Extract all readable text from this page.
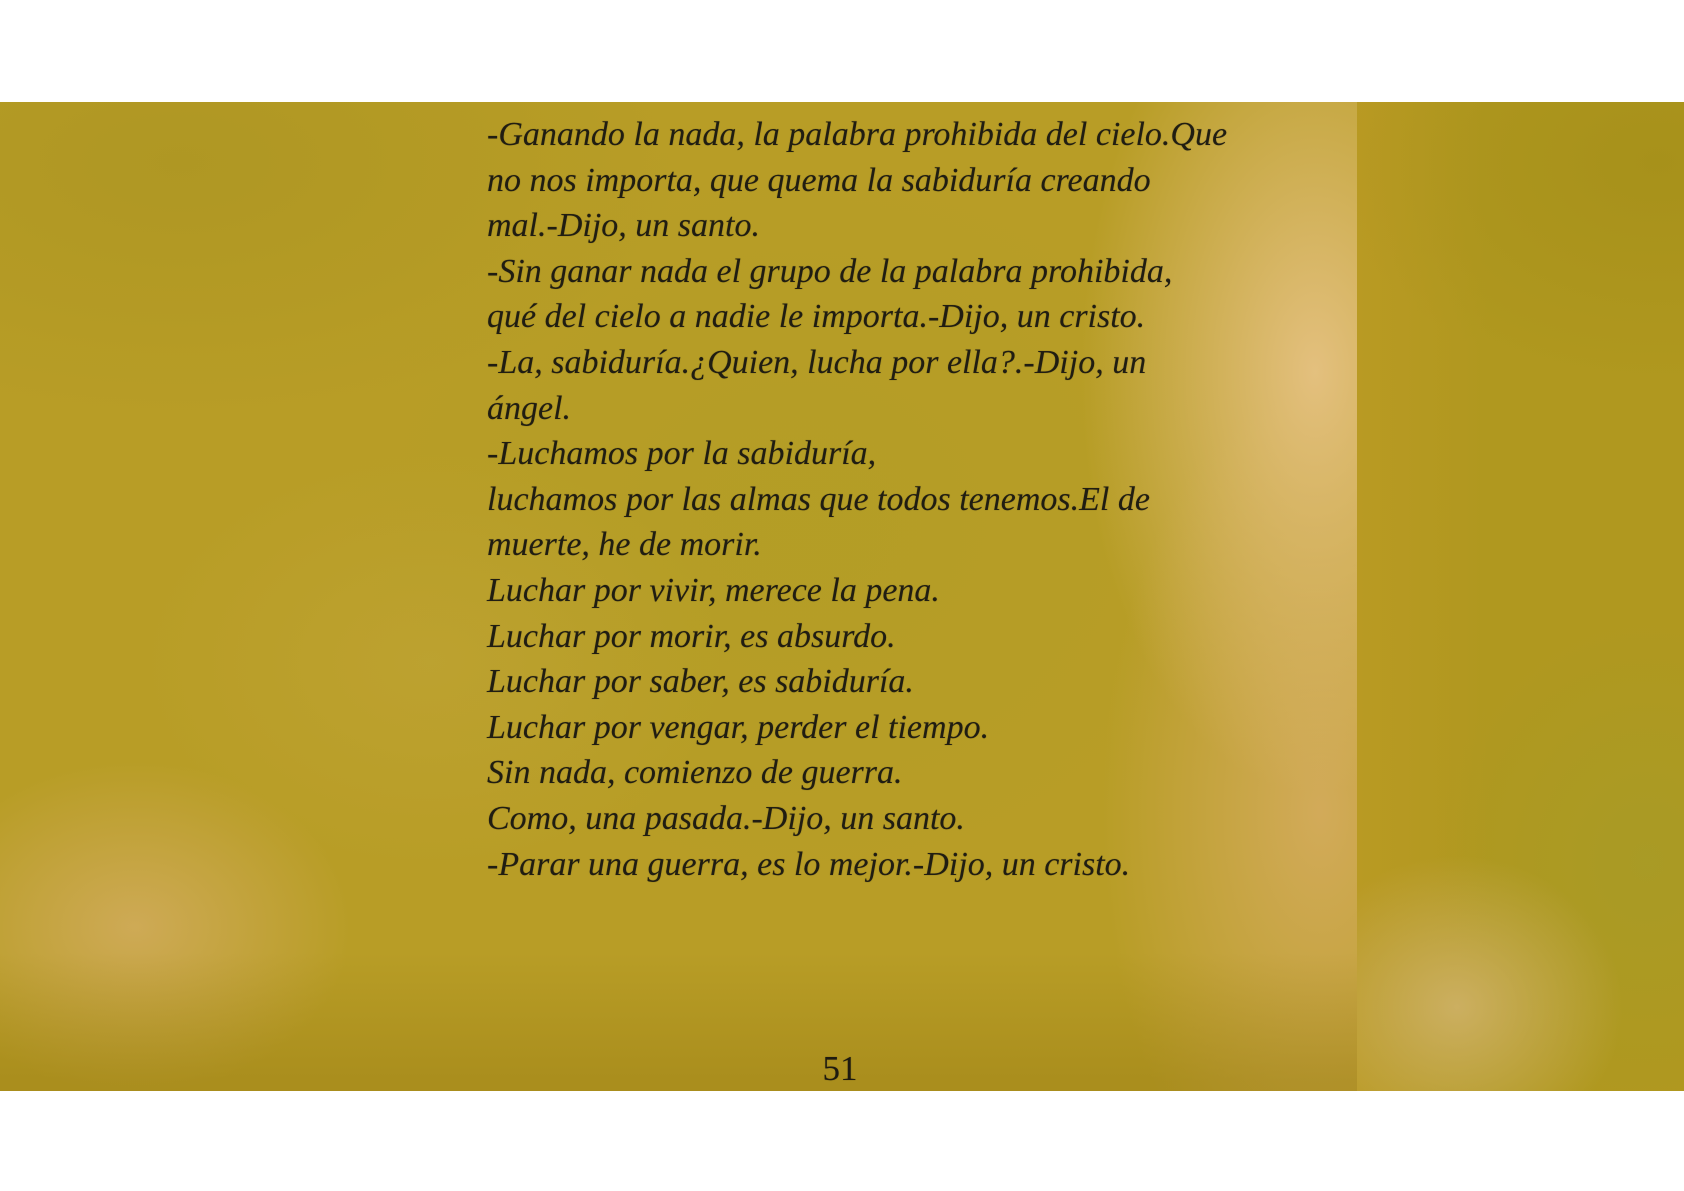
-Ganando la nada, la palabra prohibida del cielo.Que
no nos importa, que quema la sabiduría creando
mal.-Dijo, un santo.
-Sin ganar nada el grupo de la palabra prohibida,
qué del cielo a nadie le importa.-Dijo, un cristo.
-La, sabiduría.¿Quien, lucha por ella?.-Dijo, un
ángel.
-Luchamos por la sabiduría,
luchamos por las almas que todos tenemos.El de
muerte, he de morir.
Luchar por vivir, merece la pena.
Luchar por morir, es absurdo.
Luchar por saber, es sabiduría.
Luchar por vengar, perder el tiempo.
Sin nada, comienzo de guerra.
Como, una pasada.-Dijo, un santo.
-Parar una guerra, es lo mejor.-Dijo, un cristo.
51
